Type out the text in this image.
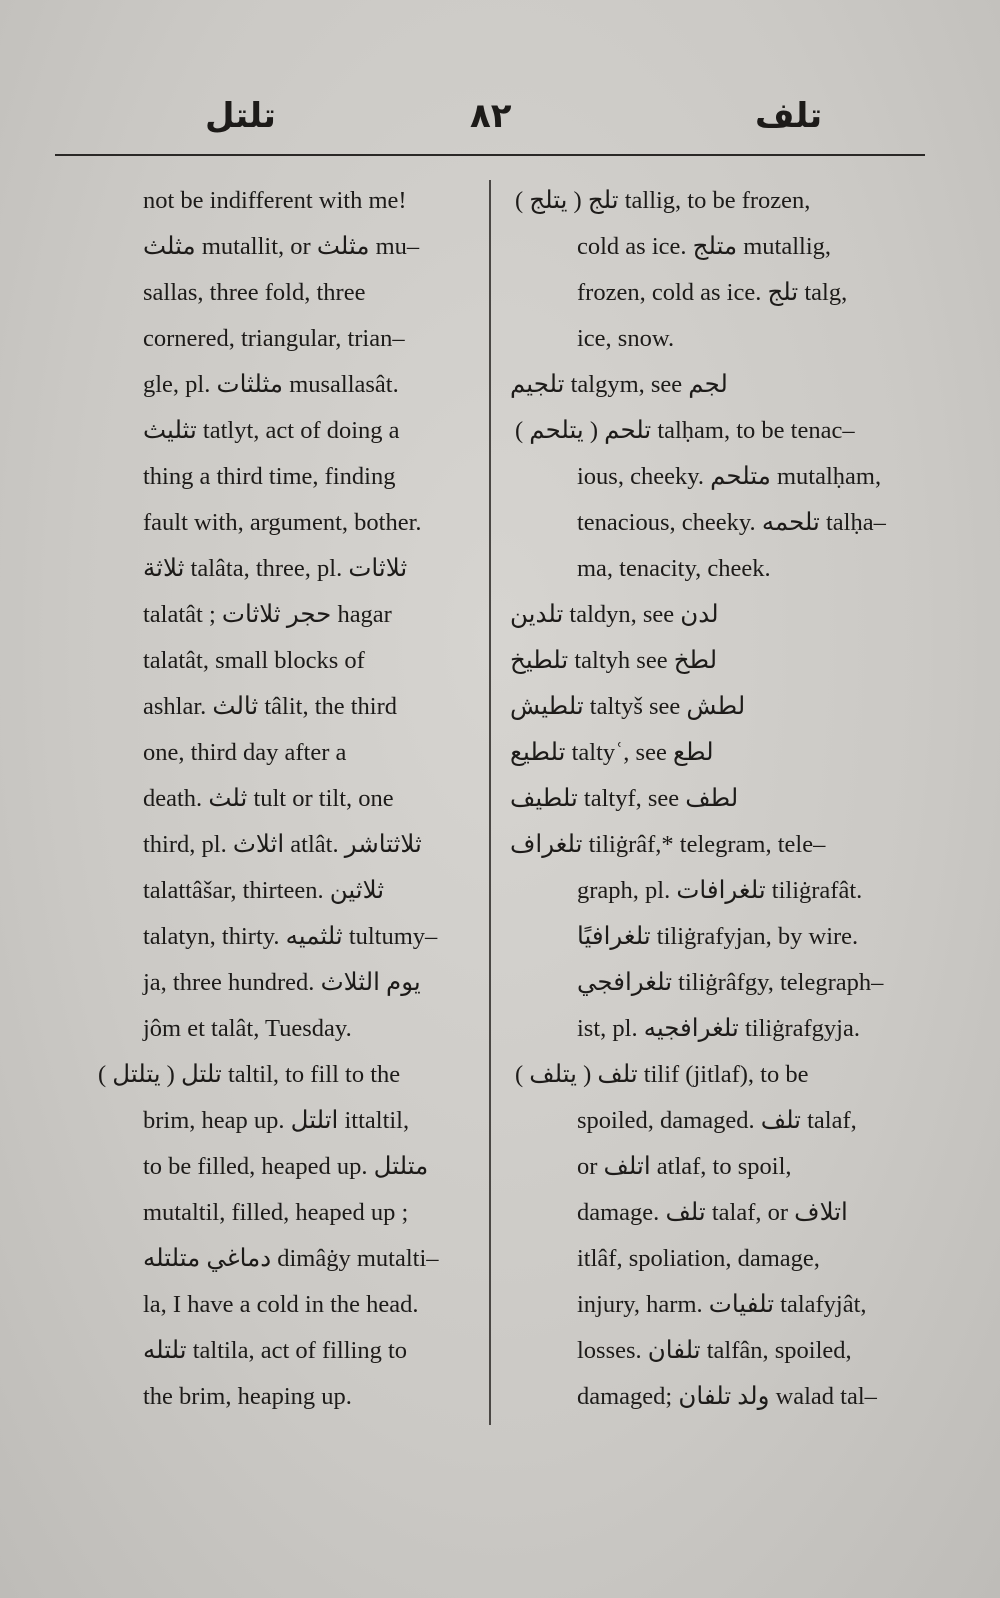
تلتل	٨٢	تلف
not be indifferent with me!
مثلث mutallit, or مثلث mu–
sallas, three fold, three
cornered, triangular, trian–
gle, pl. مثلثات musallasât.
تثليث tatlyt, act of doing a
thing a third time, finding
fault with, argument, bother.
ثلاثة talâta, three, pl. ثلاثات
talatât ; حجر ثلاثات hagar
talatât, small blocks of
ashlar. ثالث tâlit, the third
one, third day after a
death. ثلث tult or tilt, one
third, pl. اثلاث atlât. ثلاثتاشر
talattâšar, thirteen. ثلاثين
talatyn, thirty. ثلثميه tultumy–
ja, three hundred. يوم الثلاث
jôm et talât, Tuesday.
تلتل ( يتلتل ) taltil, to fill to the
brim, heap up. اتلتل ittaltil,
to be filled, heaped up. متلتل
mutaltil, filled, heaped up ;
دماغي متلتله dimâġy mutalti–
la, I have a cold in the head.
تلتله taltila, act of filling to
the brim, heaping up.
تلج ( يتلج ) tallig, to be frozen,
cold as ice. متلج mutallig,
frozen, cold as ice. تلج talg,
ice, snow.
تلجيم talgym, see لجم
تلحم ( يتلحم ) talḥam, to be tenac–
ious, cheeky. متلحم mutalḥam,
tenacious, cheeky. تلحمه talḥa–
ma, tenacity, cheek.
تلدين taldyn, see لدن
تلطيخ taltyh see لطخ
تلطيش taltyš see لطش
تلطيع taltyʿ, see لطع
تلطيف taltyf, see لطف
تلغراف tiliġrâf,* telegram, tele–
graph, pl. تلغرافات tiliġrafât.
تلغرافيًا tiliġrafyjan, by wire.
تلغرافجي tiliġrâfgy, telegraph–
ist, pl. تلغرافجيه tiliġrafgyja.
تلف ( يتلف ) tilif (jitlaf), to be
spoiled, damaged. تلف talaf,
or اتلف atlaf, to spoil,
damage. تلف talaf, or اتلاف
itlâf, spoliation, damage,
injury, harm. تلفيات talafyjât,
losses. تلفان talfân, spoiled,
damaged; ولد تلفان walad tal–
